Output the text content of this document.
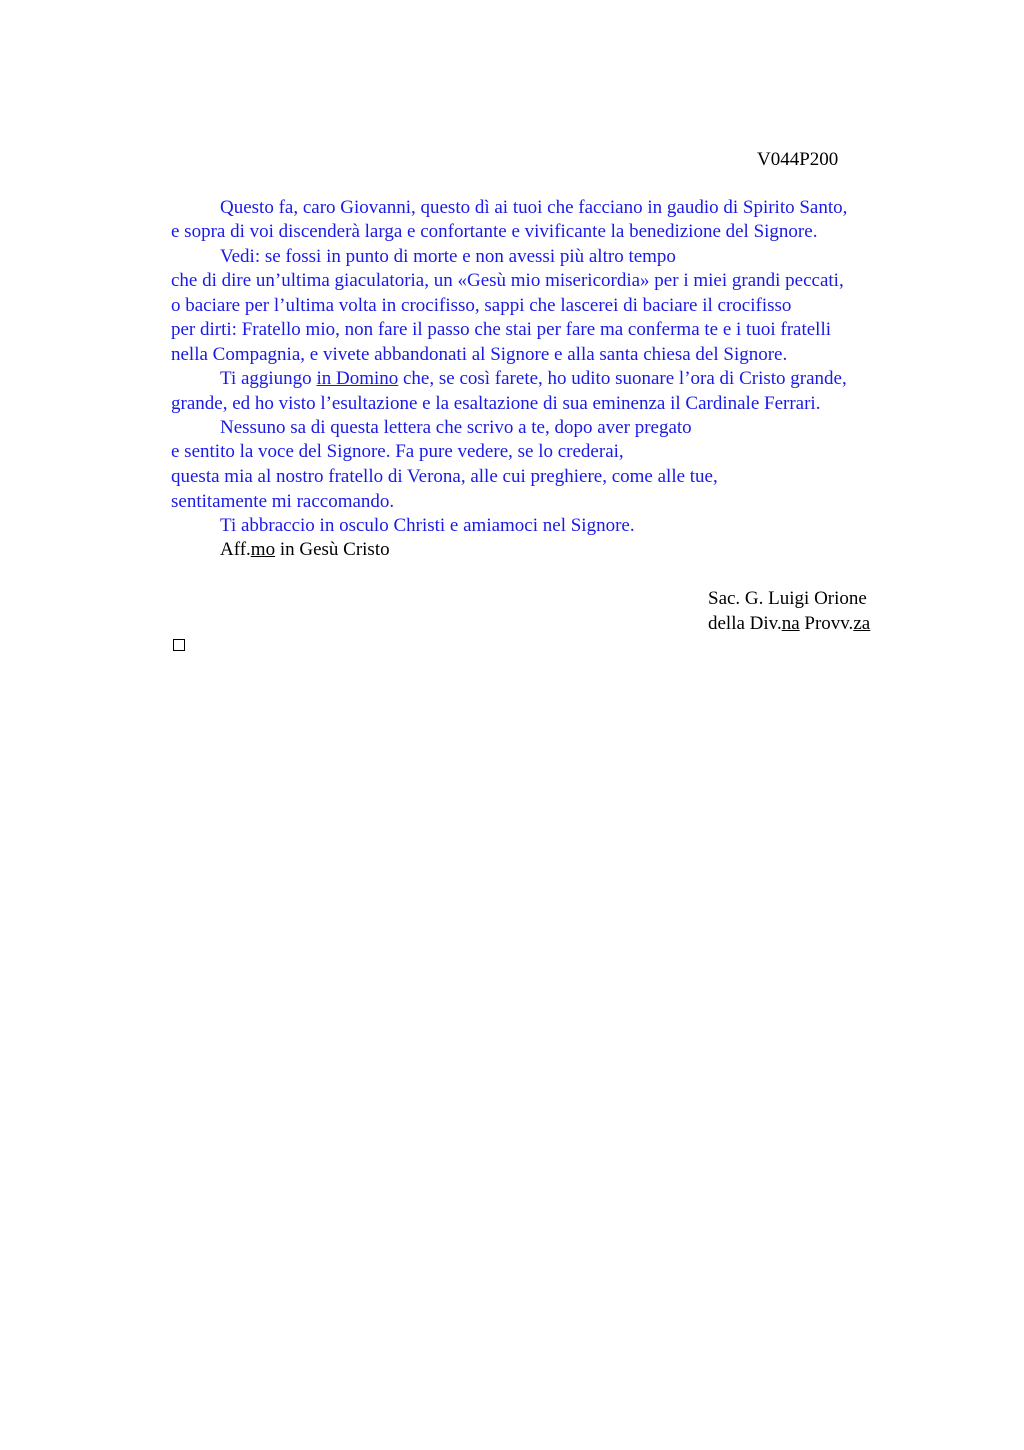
V044P200
Questo fa, caro Giovanni, questo dì ai tuoi che facciano in gaudio di Spirito Santo,
e sopra di voi discenderà larga e confortante e vivificante la benedizione del Signore.
Vedi: se fossi in punto di morte e non avessi più altro tempo
che di dire un’ultima giaculatoria, un «Gesù mio misericordia» per i miei grandi peccati,
o baciare per l’ultima volta in crocifisso, sappi che lascerei di baciare il crocifisso
per dirti: Fratello mio, non fare il passo che stai per fare ma conferma te e i tuoi fratelli
nella Compagnia, e vivete abbandonati al Signore e alla santa chiesa del Signore.
Ti aggiungo in Domino che, se così farete, ho udito suonare l’ora di Cristo grande,
grande, ed ho visto l’esultazione e la esaltazione di sua eminenza il Cardinale Ferrari.
Nessuno sa di questa lettera che scrivo a te, dopo aver pregato
e sentito la voce del Signore. Fa pure vedere, se lo crederai,
questa mia al nostro fratello di Verona, alle cui preghiere, come alle tue,
sentitamente mi raccomando.
Ti abbraccio in osculo Christi e amiamoci nel Signore.
Aff.mo in Gesù Cristo
Sac. G. Luigi Orione
della Div.na Provv.za
